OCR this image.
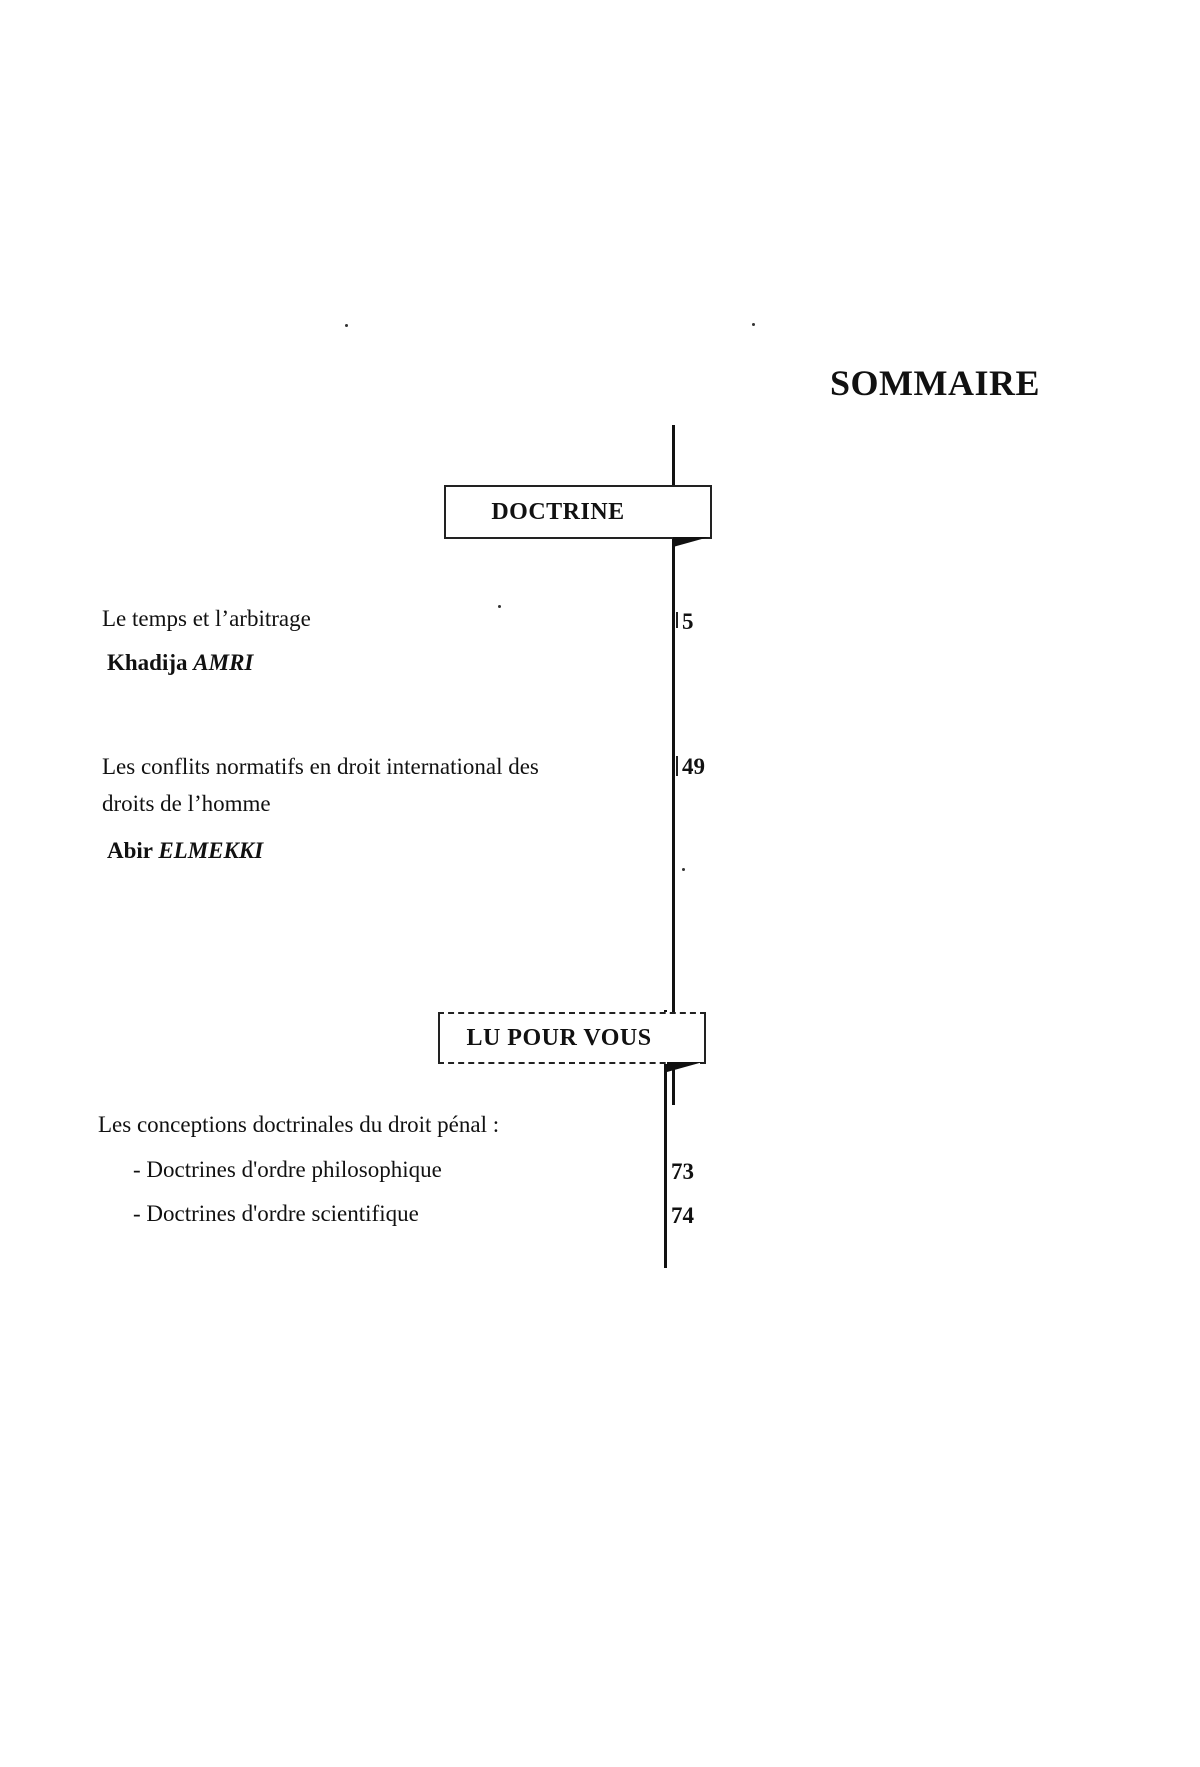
SOMMAIRE
DOCTRINE
Le temps et l’arbitrage
Khadija AMRI
5
Les conflits normatifs en droit international des
droits de l’homme
Abir ELMEKKI
49
LU POUR VOUS
Les conceptions doctrinales du droit pénal :
- Doctrines d'ordre philosophique	73
- Doctrines d'ordre scientifique	74
